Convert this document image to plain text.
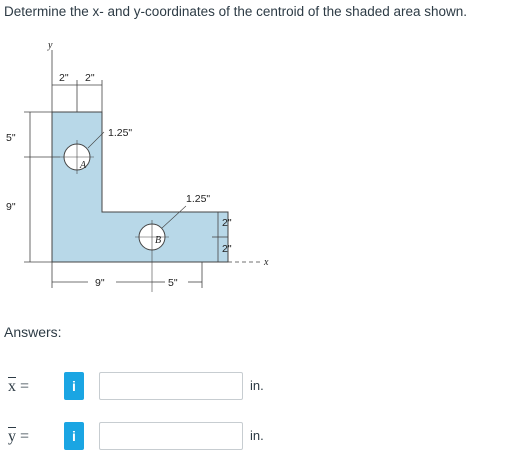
Determine the x- and y-coordinates of the centroid of the shaded area shown.
y
2" 2"
5"
9"
A
1.25"
B
1.25"
2"
2"
x
9"	5"
Answers:
$\overline{x}$ =	i	in.
$\overline{y}$ =	i	in.
